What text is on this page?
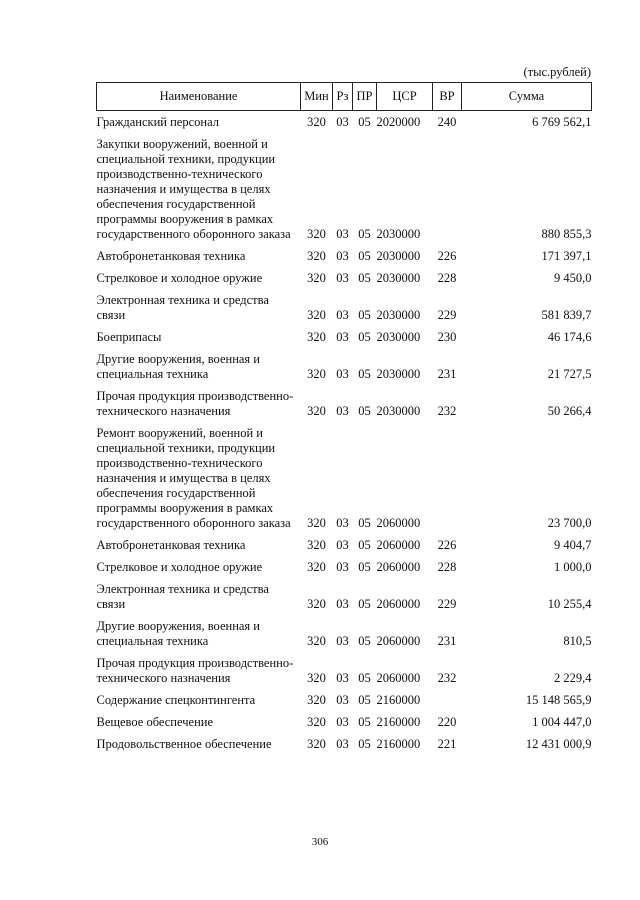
(тыс.рублей)
Наименование	Мин	Рз	ПР	ЦСР	ВР	Сумма
Гражданский персонал	320	03	05	2020000	240	6 769 562,1
Закупки вооружений, военной и специальной техники, продукции производственно-технического назначения и имущества в целях обеспечения государственной программы вооружения в рамках государственного оборонного заказа	320	03	05	2030000		880 855,3
Автобронетанковая техника	320	03	05	2030000	226	171 397,1
Стрелковое и холодное оружие	320	03	05	2030000	228	9 450,0
Электронная техника и средства связи	320	03	05	2030000	229	581 839,7
Боеприпасы	320	03	05	2030000	230	46 174,6
Другие вооружения, военная и специальная техника	320	03	05	2030000	231	21 727,5
Прочая продукция производственно-технического назначения	320	03	05	2030000	232	50 266,4
Ремонт вооружений, военной и специальной техники, продукции производственно-технического назначения и имущества в целях обеспечения государственной программы вооружения в рамках государственного оборонного заказа	320	03	05	2060000		23 700,0
Автобронетанковая техника	320	03	05	2060000	226	9 404,7
Стрелковое и холодное оружие	320	03	05	2060000	228	1 000,0
Электронная техника и средства связи	320	03	05	2060000	229	10 255,4
Другие вооружения, военная и специальная техника	320	03	05	2060000	231	810,5
Прочая продукция производственно-технического назначения	320	03	05	2060000	232	2 229,4
Содержание спецконтингента	320	03	05	2160000		15 148 565,9
Вещевое обеспечение	320	03	05	2160000	220	1 004 447,0
Продовольственное обеспечение	320	03	05	2160000	221	12 431 000,9
306
